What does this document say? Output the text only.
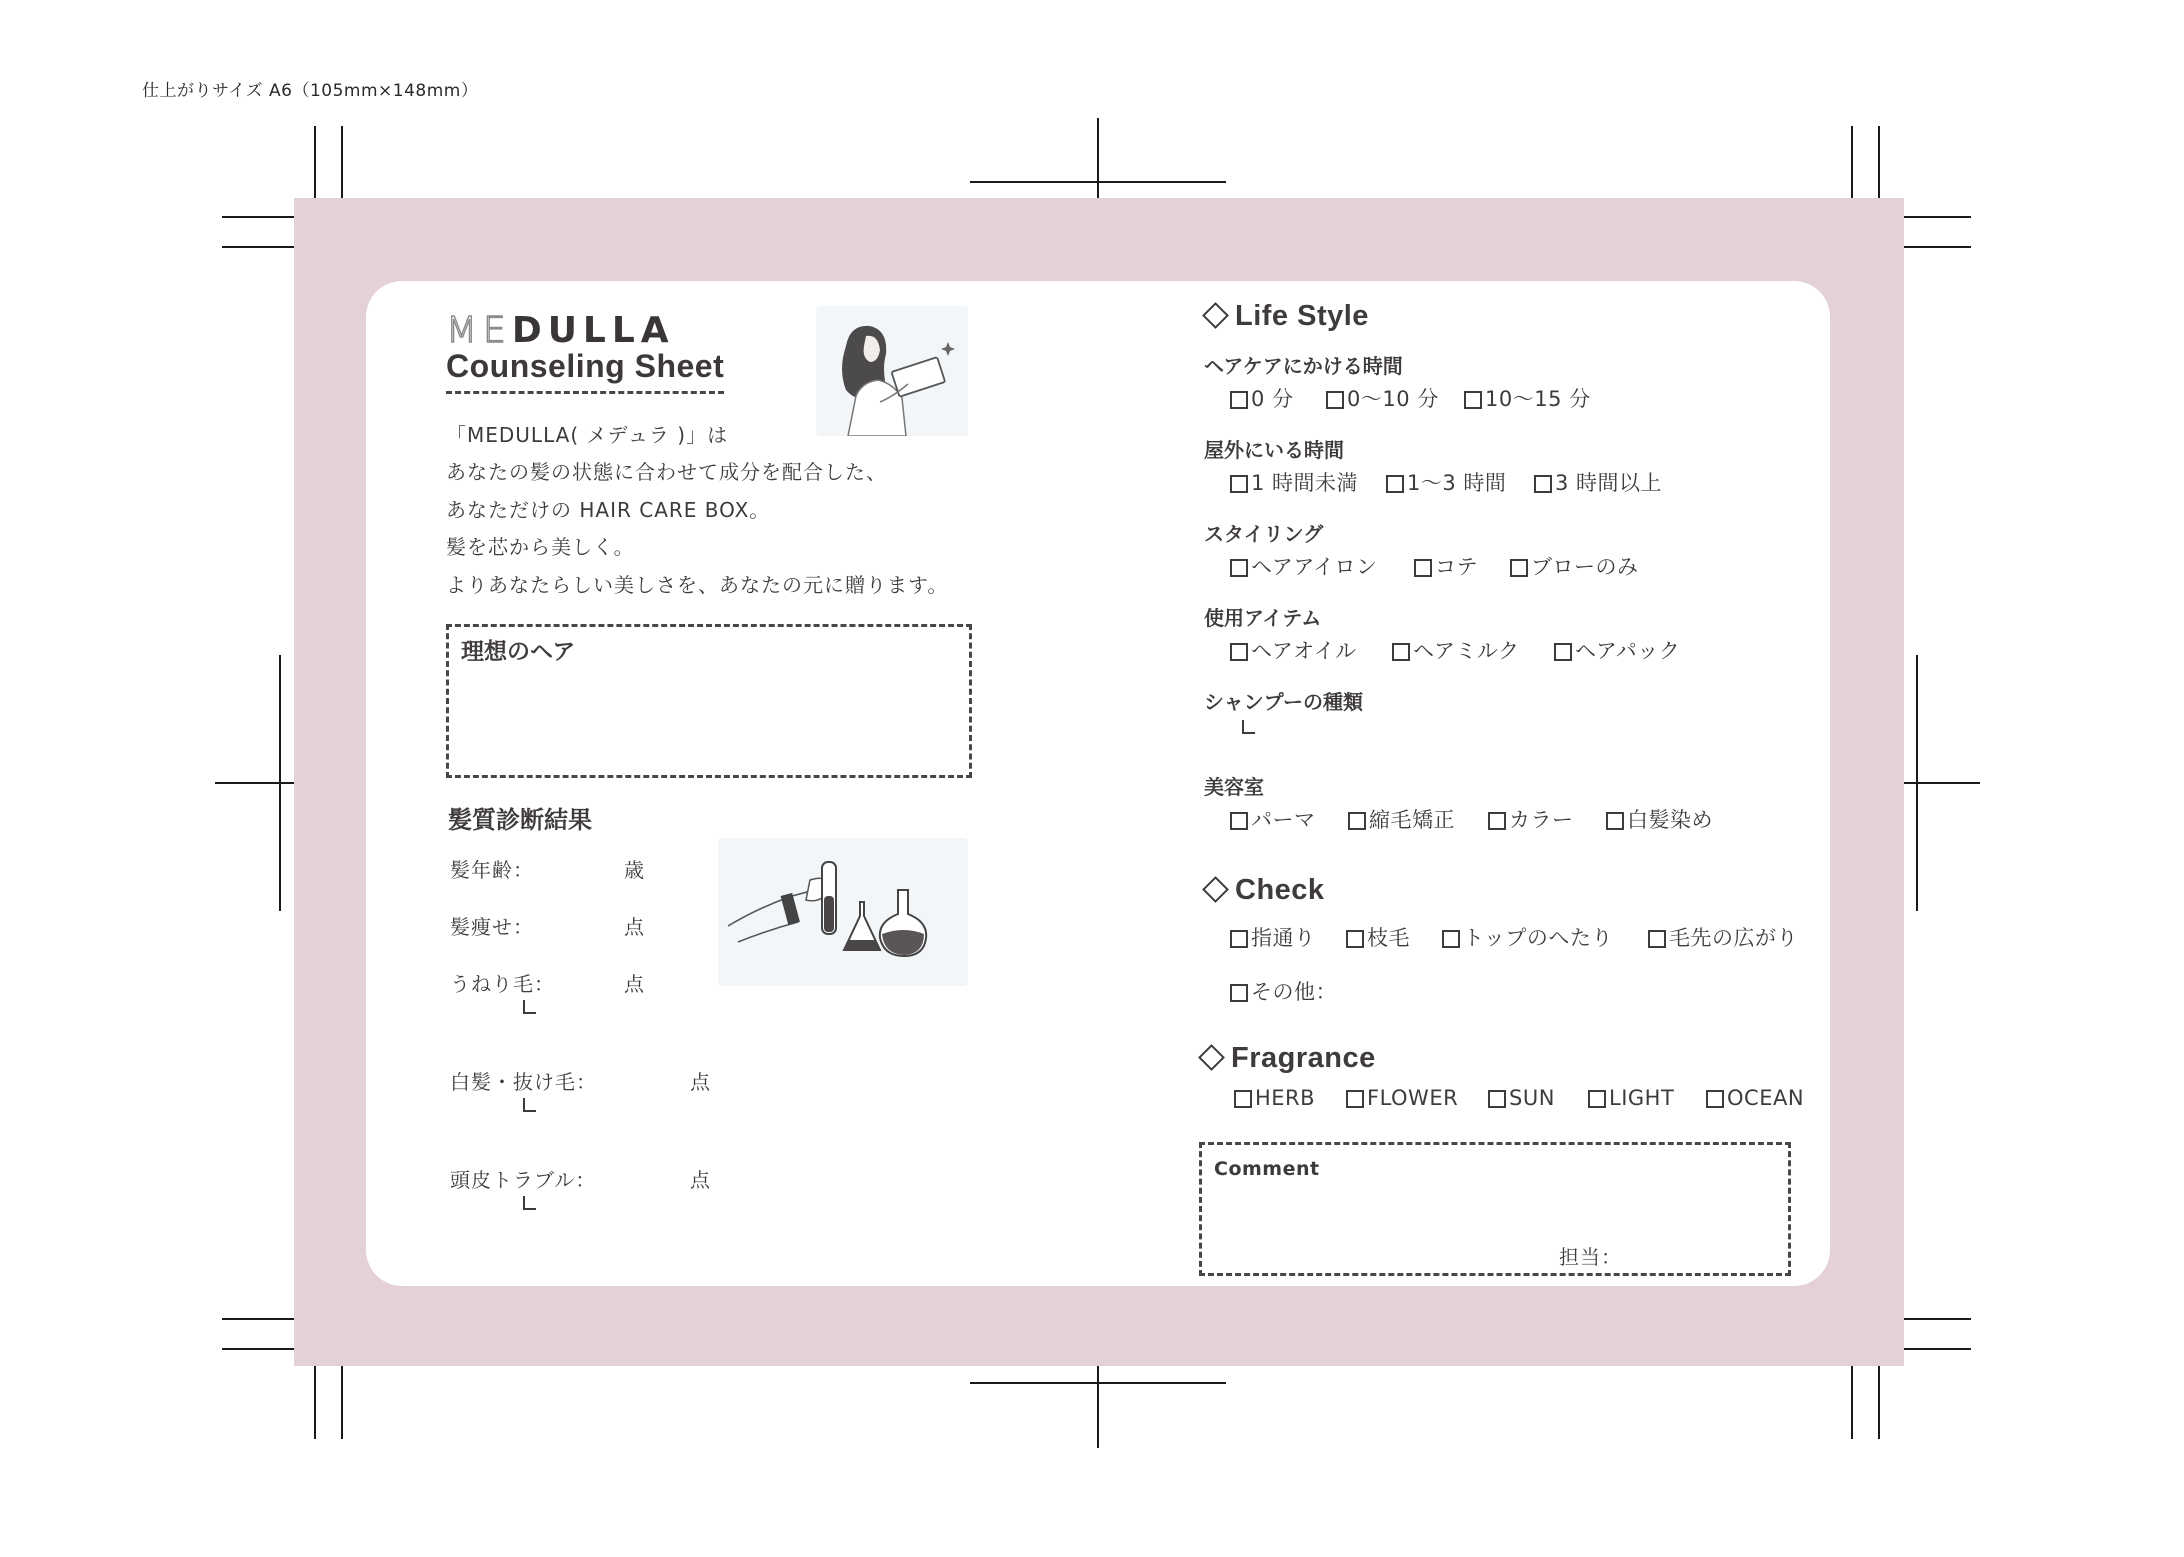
仕上がりサイズ A6（105mm×148mm）
MEDULLA
Counseling Sheet
「MEDULLA( メデュラ )」は
あなたの髪の状態に合わせて成分を配合した、
あなただけの HAIR CARE BOX。
髪を芯から美しく。
よりあなたらしい美しさを、あなたの元に贈ります。
理想のヘア
髪質診断結果
髪年齢：	歳
髪痩せ：	点
うねり毛：	点
白髪・抜け毛：	点
頭皮トラブル：	点
Life Style
ヘアケアにかける時間
0 分	0〜10 分	10〜15 分
屋外にいる時間
1 時間未満	1〜3 時間	3 時間以上
スタイリング
ヘアアイロン	コテ	ブローのみ
使用アイテム
ヘアオイル	ヘアミルク	ヘアパック
シャンプーの種類
美容室
パーマ	縮毛矯正	カラー	白髪染め
Check
指通り	枝毛	トップのへたり	毛先の広がり
その他：
Fragrance
HERB	FLOWER	SUN	LIGHT	OCEAN
Comment
担当：
